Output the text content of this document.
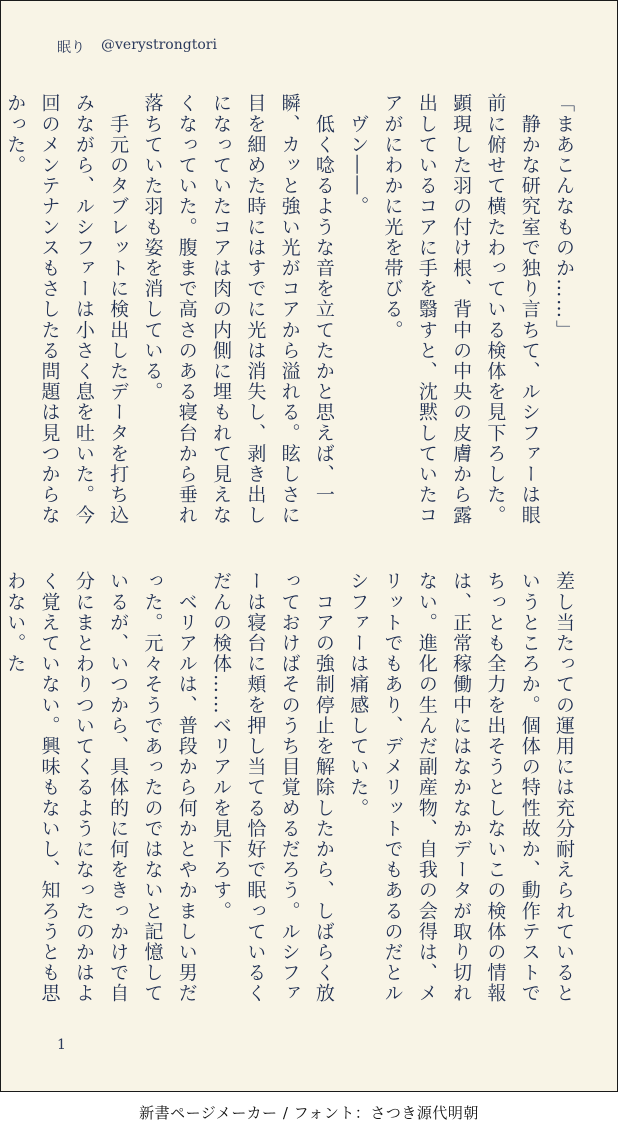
眠り @verystrongtori

「まあこんなものか……」

　静かな研究室で独り言ちて、ルシファーは眼前に俯せて横たわっている検体を見下ろした。顕現した羽の付け根、背中の中央の皮膚から露出しているコアに手を翳すと、沈黙していたコアがにわかに光を帯びる。

　ヴン――。

　低く唸るような音を立てたかと思えば、一瞬、カッと強い光がコアから溢れる。眩しさに目を細めた時にはすでに光は消失し、剥き出しになっていたコアは肉の内側に埋もれて見えなくなっていた。腹まで高さのある寝台から垂れ落ちていた羽も姿を消している。

　手元のタブレットに検出したデータを打ち込みながら、ルシファーは小さく息を吐いた。今回のメンテナンスもさしたる問題は見つからなかった。

差し当たっての運用には充分耐えられているというところか。個体の特性故か、動作テストでちっとも全力を出そうとしないこの検体の情報は、正常稼働中にはなかなかデータが取り切れない。進化の生んだ副産物、自我の会得は、メリットでもあり、デメリットでもあるのだとルシファーは痛感していた。

　コアの強制停止を解除したから、しばらく放っておけばそのうち目覚めるだろう。ルシファーは寝台に頬を押し当てる恰好で眠っているくだんの検体……ベリアルを見下ろす。

　ベリアルは、普段から何かとやかましい男だった。元々そうであったのではないと記憶しているが、いつから、具体的に何をきっかけで自分にまとわりついてくるようになったのかはよく覚えていない。興味もないし、知ろうとも思わない。た

1
新書ページメーカー / フォント：さつき源代明朝
